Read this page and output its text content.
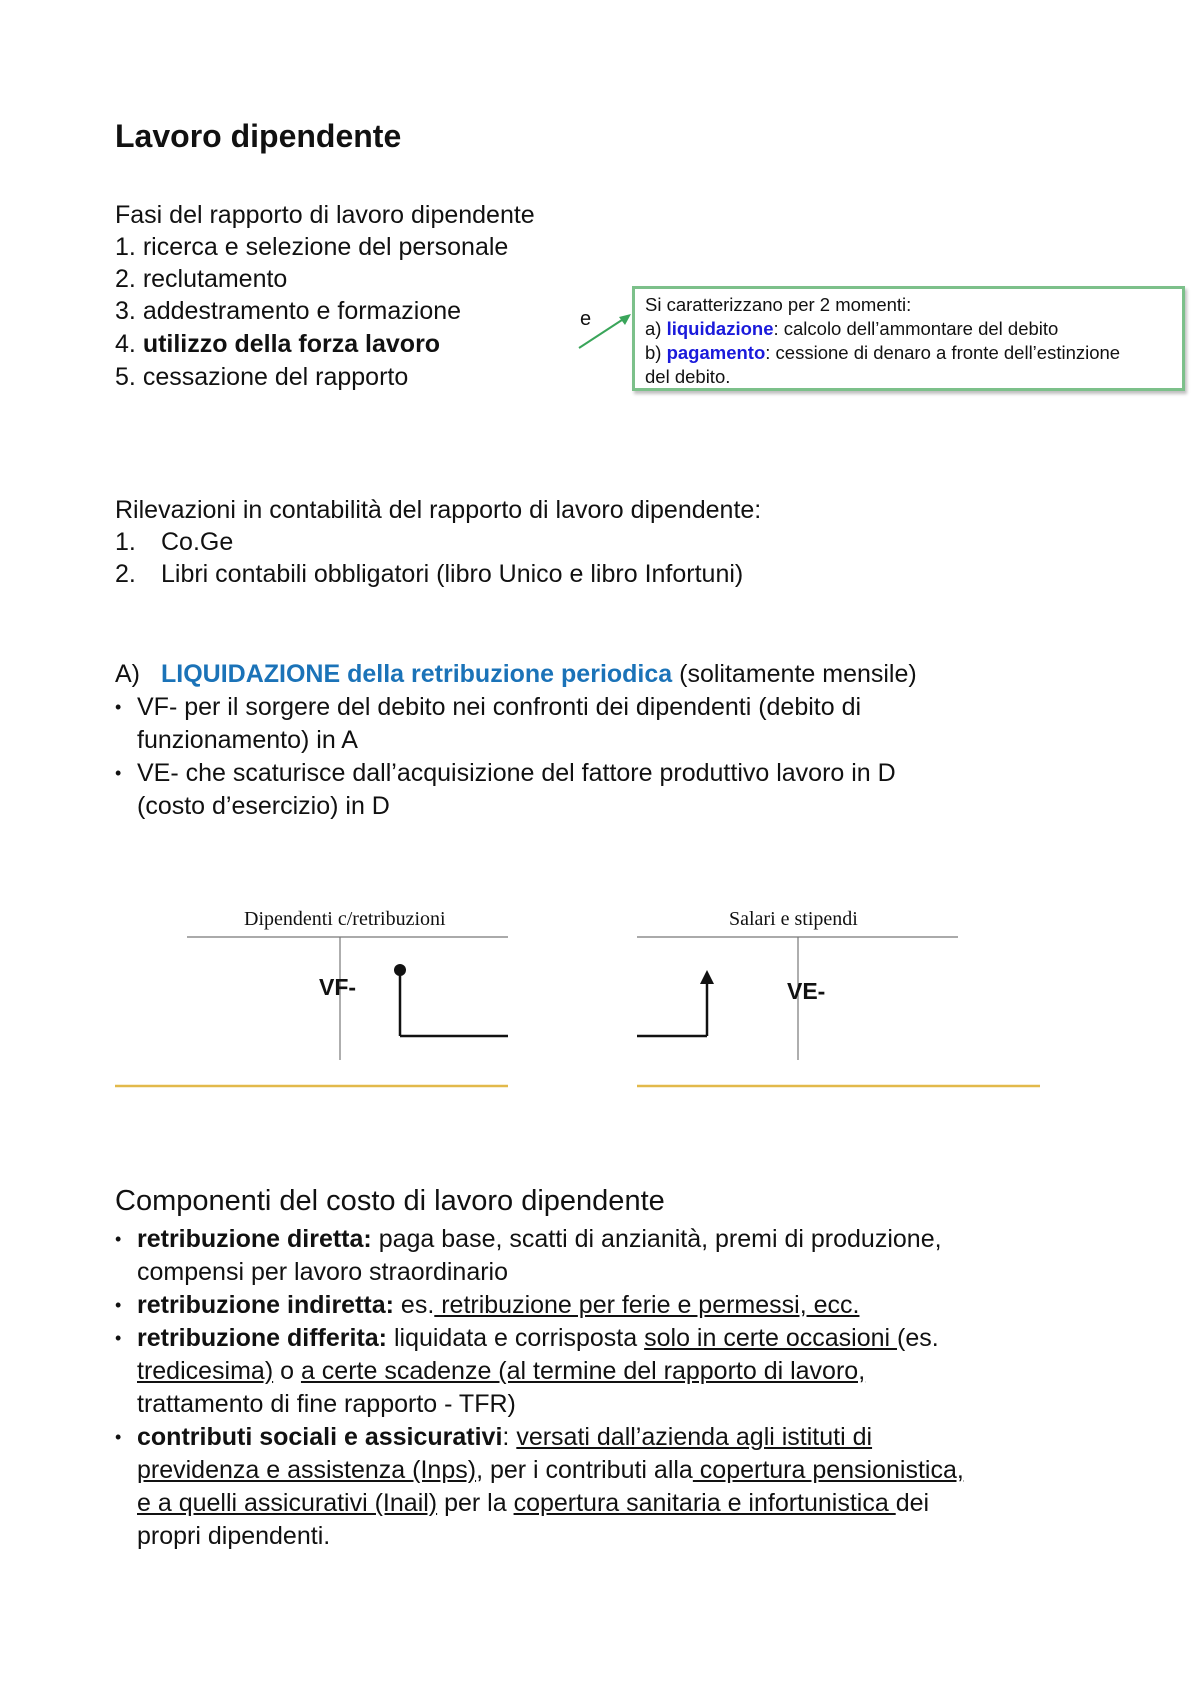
Lavoro dipendente
Fasi del rapporto di lavoro dipendente
1. ricerca e selezione del personale
2. reclutamento
3. addestramento e formazione
4. utilizzo della forza lavoro
5. cessazione del rapporto
e
Si caratterizzano per 2 momenti:
a) liquidazione: calcolo dell’ammontare del debito
b) pagamento: cessione di denaro a fronte dell’estinzione
del debito.
Rilevazioni in contabilità del rapporto di lavoro dipendente:
1. Co.Ge
2. Libri contabili obbligatori (libro Unico e libro Infortuni)
A) LIQUIDAZIONE della retribuzione periodica (solitamente mensile)
• VF- per il sorgere del debito nei confronti dei dipendenti (debito di
funzionamento) in A
• VE- che scaturisce dall’acquisizione del fattore produttivo lavoro in D
(costo d’esercizio) in D
Dipendenti c/retribuzioni
VF-
Salari e stipendi
VE-
Componenti del costo di lavoro dipendente
• retribuzione diretta: paga base, scatti di anzianità, premi di produzione,
compensi per lavoro straordinario
• retribuzione indiretta: es. retribuzione per ferie e permessi, ecc.
• retribuzione differita: liquidata e corrisposta solo in certe occasioni (es.
tredicesima) o a certe scadenze (al termine del rapporto di lavoro,
trattamento di fine rapporto - TFR)
• contributi sociali e assicurativi: versati dall’azienda agli istituti di
previdenza e assistenza (Inps), per i contributi alla copertura pensionistica,
e a quelli assicurativi (Inail) per la copertura sanitaria e infortunistica dei
propri dipendenti.
